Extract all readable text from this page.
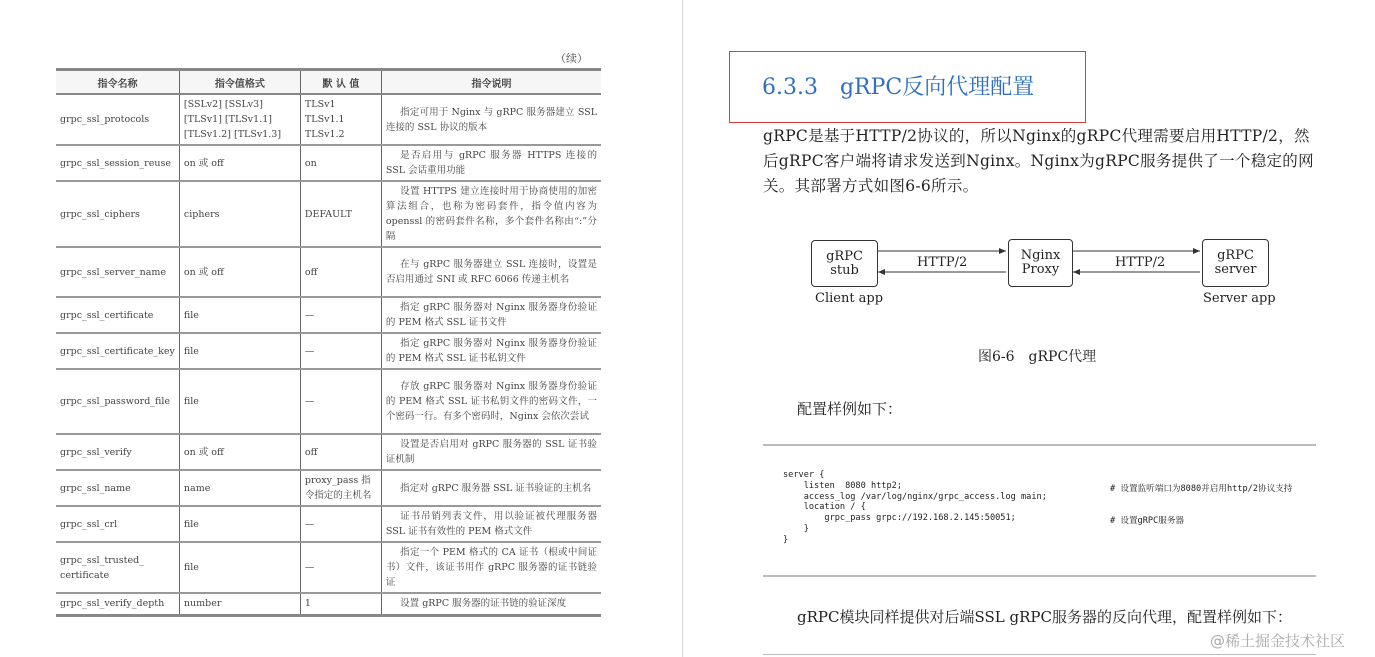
（续）
指令名称	指令值格式	默 认 值	指令说明
grpc_ssl_protocols	[SSLv2] [SSLv3] [TLSv1] [TLSv1.1] [TLSv1.2] [TLSv1.3]	TLSv1 TLSv1.1 TLSv1.2	指定可用于 Nginx 与 gRPC 服务器建立 SSL 连接的 SSL 协议的版本
grpc_ssl_session_reuse	on 或 off	on	是否启用与 gRPC 服务器 HTTPS 连接的 SSL 会话重用功能
grpc_ssl_ciphers	ciphers	DEFAULT	设置 HTTPS 建立连接时用于协商使用的加密算法组合，也称为密码套件，指令值内容为 openssl 的密码套件名称，多个套件名称由“:”分隔
grpc_ssl_server_name	on 或 off	off	在与 gRPC 服务器建立 SSL 连接时，设置是否启用通过 SNI 或 RFC 6066 传递主机名
grpc_ssl_certificate	file	—	指定 gRPC 服务器对 Nginx 服务器身份验证的 PEM 格式 SSL 证书文件
grpc_ssl_certificate_key	file	—	指定 gRPC 服务器对 Nginx 服务器身份验证的 PEM 格式 SSL 证书私钥文件
grpc_ssl_password_file	file	—	存放 gRPC 服务器对 Nginx 服务器身份验证的 PEM 格式 SSL 证书私钥文件的密码文件，一个密码一行。有多个密码时，Nginx 会依次尝试
grpc_ssl_verify	on 或 off	off	设置是否启用对 gRPC 服务器的 SSL 证书验证机制
grpc_ssl_name	name	proxy_pass 指令指定的主机名	指定对 gRPC 服务器 SSL 证书验证的主机名
grpc_ssl_crl	file	—	证书吊销列表文件，用以验证被代理服务器 SSL 证书有效性的 PEM 格式文件
grpc_ssl_trusted_ certificate	file	—	指定一个 PEM 格式的 CA 证书（根或中间证书）文件，该证书用作 gRPC 服务器的证书链验证
grpc_ssl_verify_depth	number	1	设置 gRPC 服务器的证书链的验证深度
6.3.3　gRPC反向代理配置
gRPC是基于HTTP/2协议的，所以Nginx的gRPC代理需要启用HTTP/2，然后gRPC客户端将请求发送到Nginx。Nginx为gRPC服务提供了一个稳定的网关。其部署方式如图6-6所示。
gRPC stub
Nginx
Proxy
gRPC
server
HTTP/2	HTTP/2
Client app	Server app
图6-6　gRPC代理
配置样例如下：
server {
listen  8080 http2;
access_log /var/log/nginx/grpc_access.log main;
location / {
grpc_pass grpc://192.168.2.145:50051;
}
}
# 设置监听端口为8080并启用http/2协议支持
# 设置gRPC服务器
gRPC模块同样提供对后端SSL gRPC服务器的反向代理，配置样例如下：
@稀土掘金技术社区
